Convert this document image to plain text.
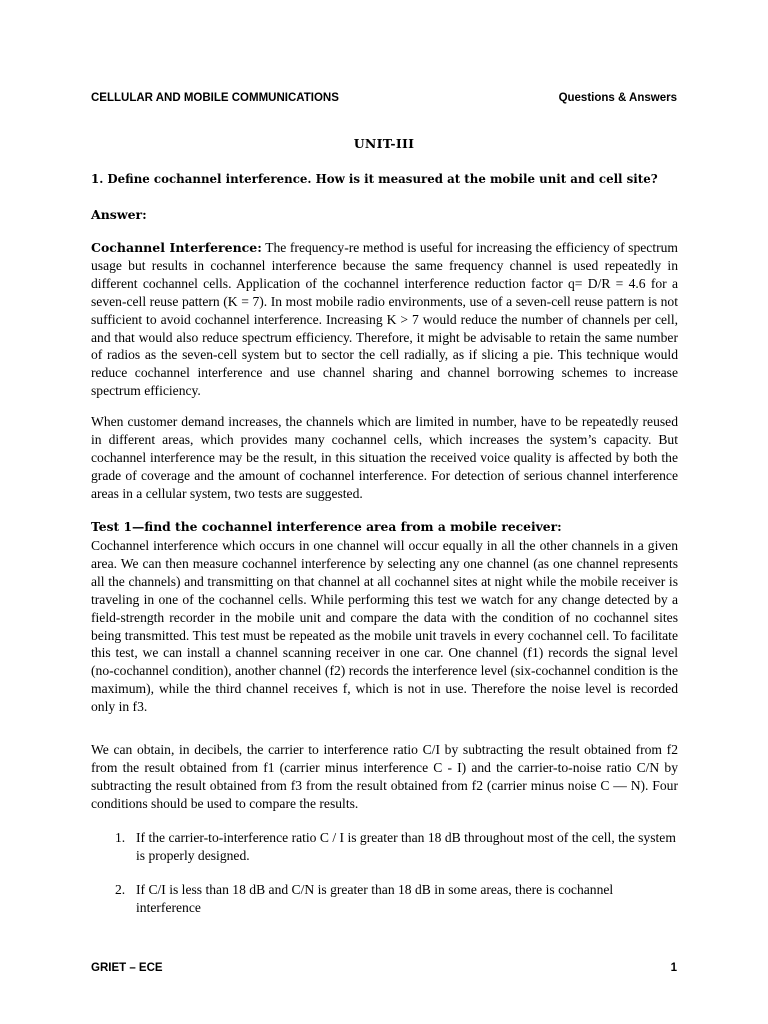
CELLULAR AND MOBILE COMMUNICATIONS	Questions & Answers
UNIT-III
1. Define cochannel interference. How is it measured at the mobile unit and cell site?
Answer:

Cochannel Interference: The frequency-re method is useful for increasing the efficiency of spectrum usage but results in cochannel interference because the same frequency channel is used repeatedly in different cochannel cells. Application of the cochannel interference reduction factor q= D/R = 4.6 for a seven-cell reuse pattern (K = 7). In most mobile radio environments, use of a seven-cell reuse pattern is not sufficient to avoid cochannel interference. Increasing K > 7 would reduce the number of channels per cell, and that would also reduce spectrum efficiency. Therefore, it might be advisable to retain the same number of radios as the seven-cell system but to sector the cell radially, as if slicing a pie. This technique would reduce cochannel interference and use channel sharing and channel borrowing schemes to increase spectrum efficiency.

When customer demand increases, the channels which are limited in number, have to be repeatedly reused in different areas, which provides many cochannel cells, which increases the system’s capacity. But cochannel interference may be the result, in this situation the received voice quality is affected by both the grade of coverage and the amount of cochannel interference. For detection of serious channel interference areas in a cellular system, two tests are suggested.

Test 1—find the cochannel interference area from a mobile receiver:

Cochannel interference which occurs in one channel will occur equally in all the other channels in a given area. We can then measure cochannel interference by selecting any one channel (as one channel represents all the channels) and transmitting on that channel at all cochannel sites at night while the mobile receiver is traveling in one of the cochannel cells. While performing this test we watch for any change detected by a field-strength recorder in the mobile unit and compare the data with the condition of no cochannel sites being transmitted. This test must be repeated as the mobile unit travels in every cochannel cell. To facilitate this test, we can install a channel scanning receiver in one car. One channel (f1) records the signal level (no-cochannel condition), another channel (f2) records the interference level (six-cochannel condition is the maximum), while the third channel receives f, which is not in use. Therefore the noise level is recorded only in f3.

We can obtain, in decibels, the carrier to interference ratio C/I by subtracting the result obtained from f2 from the result obtained from f1 (carrier minus interference C - I) and the carrier-to-noise ratio C/N by subtracting the result obtained from f3 from the result obtained from f2 (carrier minus noise C — N). Four conditions should be used to compare the results.

1. If the carrier-to-interference ratio C / I is greater than 18 dB throughout most of the cell, the system is properly designed.
2. If C/I is less than 18 dB and C/N is greater than 18 dB in some areas, there is cochannel interference
GRIET – ECE	1
